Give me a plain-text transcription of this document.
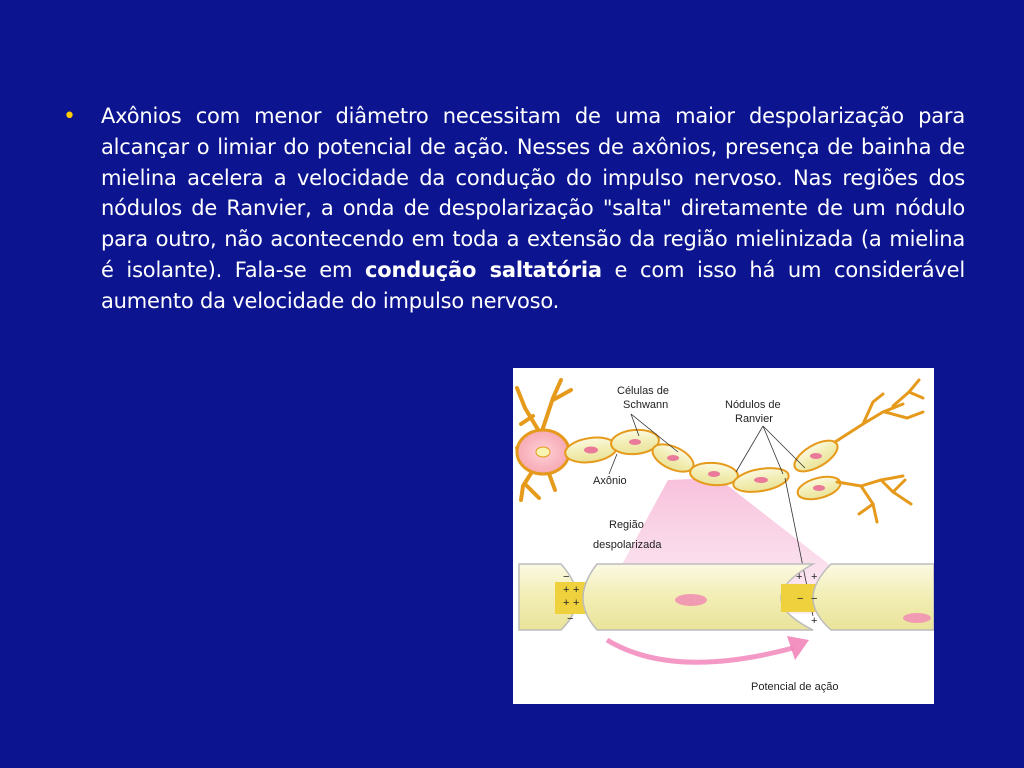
•	Axônios com menor diâmetro necessitam de uma maior despolarização para alcançar o limiar do potencial de ação. Nesses de axônios, presença de bainha de mielina acelera a velocidade da condução do impulso nervoso. Nas regiões dos nódulos de Ranvier, a onda de despolarização "salta" diretamente de um nódulo para outro, não acontecendo em toda a extensão da região mielinizada (a mielina é isolante). Fala-se em condução saltatória e com isso há um considerável aumento da velocidade do impulso nervoso.
+ +
+ +
−
−
+ +
− −
+
Células de
Schwann	Nódulos de
Ranvier
Axônio
Região
despolarizada
Potencial de ação
